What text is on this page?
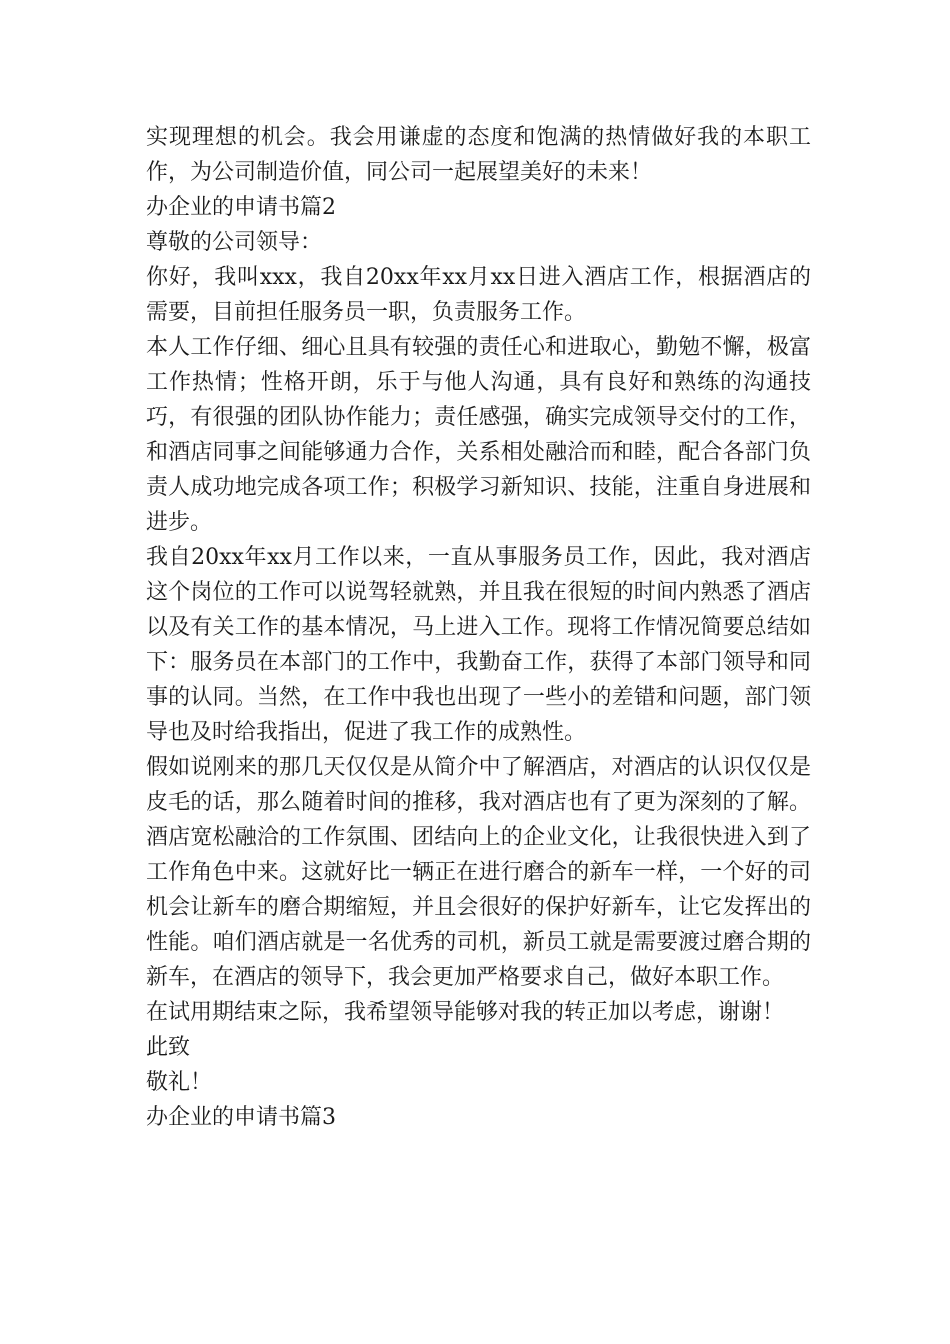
实现理想的机会。我会用谦虚的态度和饱满的热情做好我的本职工作，为公司制造价值，同公司一起展望美好的未来！

办企业的申请书篇2

尊敬的公司领导：

你好，我叫xxx，我自20xx年xx月xx日进入酒店工作，根据酒店的需要，目前担任服务员一职，负责服务工作。

本人工作仔细、细心且具有较强的责任心和进取心，勤勉不懈，极富工作热情；性格开朗，乐于与他人沟通，具有良好和熟练的沟通技巧，有很强的团队协作能力；责任感强，确实完成领导交付的工作，和酒店同事之间能够通力合作，关系相处融洽而和睦，配合各部门负责人成功地完成各项工作；积极学习新知识、技能，注重自身进展和进步。

我自20xx年xx月工作以来，一直从事服务员工作，因此，我对酒店这个岗位的工作可以说驾轻就熟，并且我在很短的时间内熟悉了酒店以及有关工作的基本情况，马上进入工作。现将工作情况简要总结如下：服务员在本部门的工作中，我勤奋工作，获得了本部门领导和同事的认同。当然，在工作中我也出现了一些小的差错和问题，部门领导也及时给我指出，促进了我工作的成熟性。

假如说刚来的那几天仅仅是从简介中了解酒店，对酒店的认识仅仅是皮毛的话，那么随着时间的推移，我对酒店也有了更为深刻的了解。酒店宽松融洽的工作氛围、团结向上的企业文化，让我很快进入到了工作角色中来。这就好比一辆正在进行磨合的新车一样，一个好的司机会让新车的磨合期缩短，并且会很好的保护好新车，让它发挥出的性能。咱们酒店就是一名优秀的司机，新员工就是需要渡过磨合期的新车，在酒店的领导下，我会更加严格要求自己，做好本职工作。

在试用期结束之际，我希望领导能够对我的转正加以考虑，谢谢！

此致

敬礼！

办企业的申请书篇3
